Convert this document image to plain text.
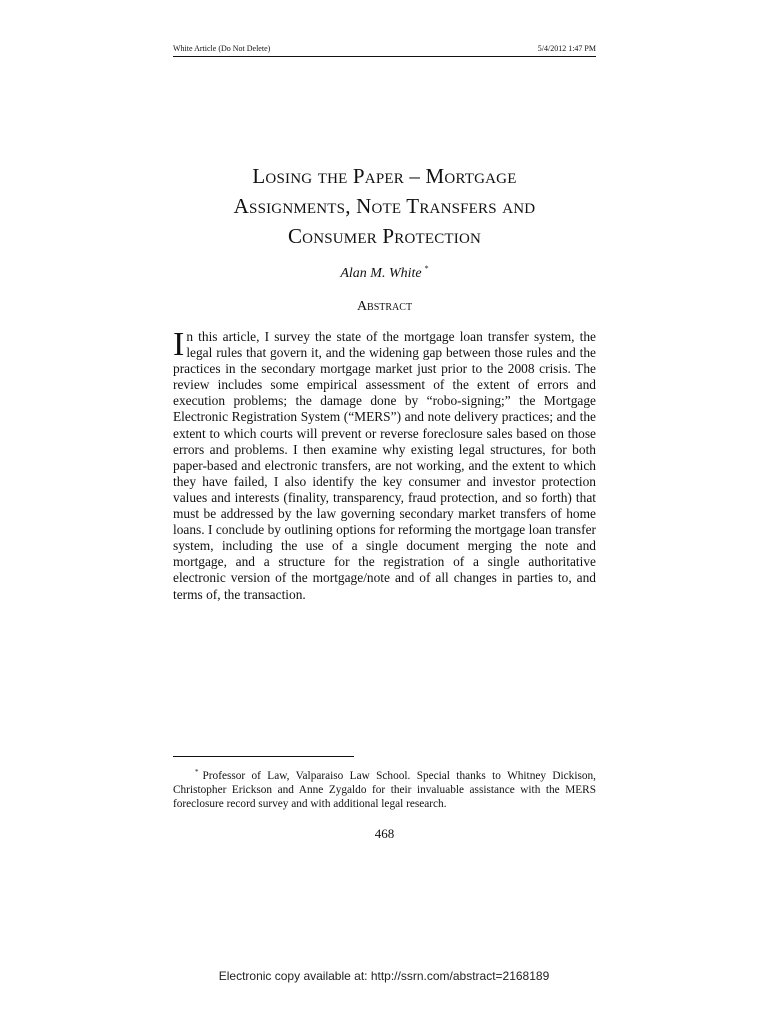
White Article (Do Not Delete)	5/4/2012 1:47 PM
Losing the Paper – Mortgage
Assignments, Note Transfers and
Consumer Protection
Alan M. White *
Abstract
In this article, I survey the state of the mortgage loan transfer system, the legal rules that govern it, and the widening gap between those rules and the practices in the secondary mortgage market just prior to the 2008 crisis. The review includes some empirical assessment of the extent of errors and execution problems; the damage done by “robo-signing;” the Mortgage Electronic Registration System (“MERS”) and note delivery practices; and the extent to which courts will prevent or reverse foreclosure sales based on those errors and problems. I then examine why existing legal structures, for both paper-based and electronic transfers, are not working, and the extent to which they have failed, I also identify the key consumer and investor protection values and interests (finality, transparency, fraud protection, and so forth) that must be addressed by the law governing secondary market transfers of home loans. I conclude by outlining options for reforming the mortgage loan transfer system, including the use of a single document merging the note and mortgage, and a structure for the registration of a single authoritative electronic version of the mortgage/note and of all changes in parties to, and terms of, the transaction.
* Professor of Law, Valparaiso Law School. Special thanks to Whitney Dickison, Christopher Erickson and Anne Zygaldo for their invaluable assistance with the MERS foreclosure record survey and with additional legal research.
468
Electronic copy available at: http://ssrn.com/abstract=2168189
